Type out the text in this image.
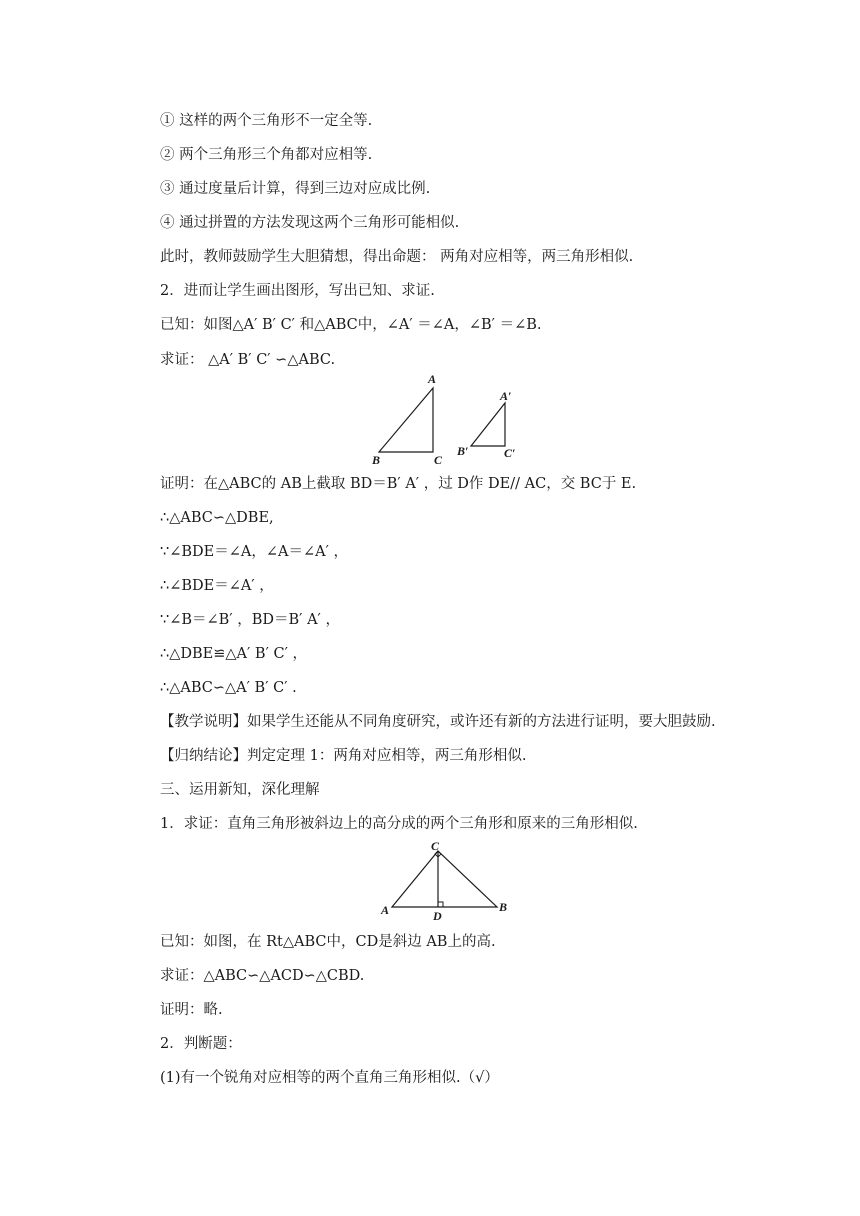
① 这样的两个三角形不一定全等.
② 两个三角形三个角都对应相等.
③ 通过度量后计算，得到三边对应成比例.
④ 通过拼置的方法发现这两个三角形可能相似.
此时，教师鼓励学生大胆猜想，得出命题： 两角对应相等，两三角形相似.
2．进而让学生画出图形，写出已知、求证.
已知：如图△A′ B′ C′ 和△ABC中，∠A′ ＝∠A，∠B′ ＝∠B.
求证： △A′ B′ C′ ∽△ABC.
A
B	C
A′
B′	C′
证明：在△ABC的 AB上截取 BD＝B′ A′ ，过 D作 DE// AC，交 BC于 E.
∴△ABC∽△DBE,
∵∠BDE＝∠A，∠A＝∠A′ ，
∴∠BDE＝∠A′ ，
∵∠B＝∠B′ ，BD＝B′ A′ ，
∴△DBE≌△A′ B′ C′ ，
∴△ABC∽△A′ B′ C′ .
【教学说明】如果学生还能从不同角度研究，或许还有新的方法进行证明，要大胆鼓励.
【归纳结论】判定定理 1：两角对应相等，两三角形相似.
三、运用新知，深化理解
1．求证：直角三角形被斜边上的高分成的两个三角形和原来的三角形相似.
C
A	D
B
已知：如图，在 Rt△ABC中，CD是斜边 AB上的高.
求证：△ABC∽△ACD∽△CBD.
证明：略.
2．判断题：
(1)有一个锐角对应相等的两个直角三角形相似.（√）
